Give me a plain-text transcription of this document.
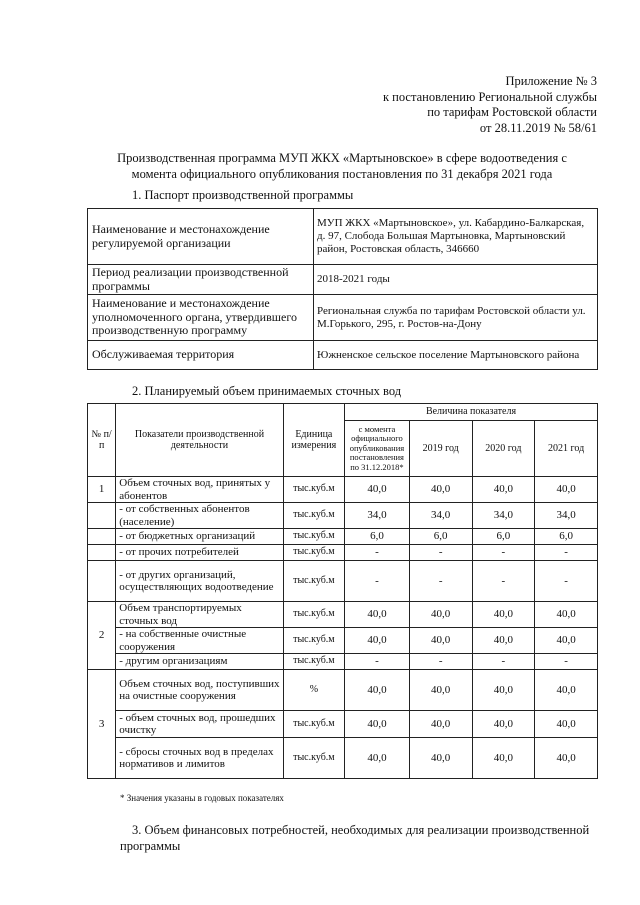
Приложение № 3
к постановлению Региональной службы
по тарифам Ростовской области
от 28.11.2019 № 58/61
Производственная программа МУП ЖКХ «Мартыновское» в сфере водоотведения с
момента официального опубликования постановления по 31 декабря 2021 года
1. Паспорт производственной программы
Наименование и местонахождение регулируемой организации	МУП ЖКХ «Мартыновское», ул. Кабардино-Балкарская, д. 97, Слобода Большая Мартыновка, Мартыновский район, Ростовская область, 346660
Период реализации производственной программы	2018-2021 годы
Наименование и местонахождение уполномоченного органа, утвердившего производственную программу	Региональная служба по тарифам Ростовской области ул. М.Горького, 295, г. Ростов-на-Дону
Обслуживаемая территория	Южненское сельское поселение Мартыновского района
2. Планируемый объем принимаемых сточных вод
№ п/п	Показатели производственной деятельности	Единица измерения	Величина показателя			
			с момента официального опубликования постановления по 31.12.2018*	2019 год	2020 год	2021 год
1	Объем сточных вод, принятых у абонентов	тыс.куб.м	40,0	40,0	40,0	40,0
	- от собственных абонентов (население)	тыс.куб.м	34,0	34,0	34,0	34,0
	- от бюджетных организаций	тыс.куб.м	6,0	6,0	6,0	6,0
	- от прочих потребителей	тыс.куб.м	-	-	-	-
	- от других организаций, осуществляющих водоотведение	тыс.куб.м	-	-	-	-
2	Объем транспортируемых сточных вод	тыс.куб.м	40,0	40,0	40,0	40,0
	- на собственные очистные сооружения	тыс.куб.м	40,0	40,0	40,0	40,0
	- другим организациям	тыс.куб.м	-	-	-	-
3	Объем сточных вод, поступивших на очистные сооружения	%	40,0	40,0	40,0	40,0
	- объем сточных вод, прошедших очистку	тыс.куб.м	40,0	40,0	40,0	40,0
	- сбросы сточных вод в пределах нормативов и лимитов	тыс.куб.м	40,0	40,0	40,0	40,0
* Значения указаны в годовых показателях
3. Объем финансовых потребностей, необходимых для реализации производственной программы
